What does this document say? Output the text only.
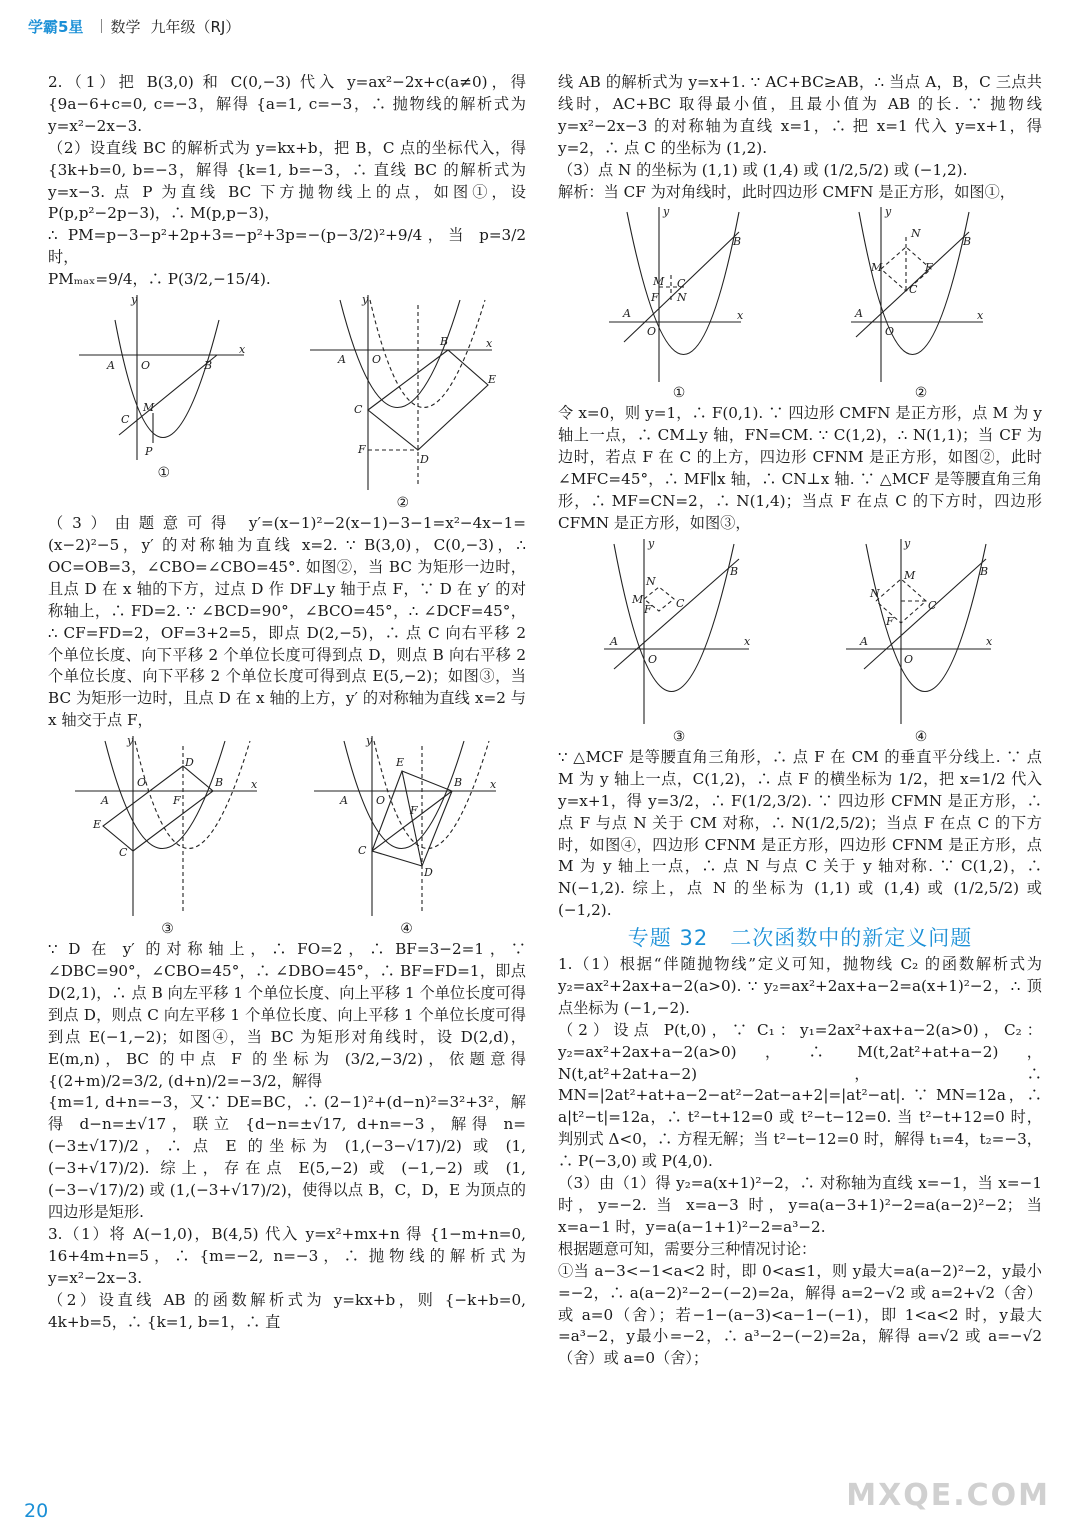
学霸5星 数学 九年级（RJ）

2.（1）把 B(3,0) 和 C(0,−3) 代入 y=ax²−2x+c(a≠0)，得 {9a−6+c=0, c=−3，解得 {a=1, c=−3，∴ 抛物线的解析式为 y=x²−2x−3.

（2）设直线 BC 的解析式为 y=kx+b，把 B，C 点的坐标代入，得 {3k+b=0, b=−3，解得 {k=1, b=−3，∴ 直线 BC 的解析式为 y=x−3. 点 P 为直线 BC 下方抛物线上的点，如图①，设 P(p,p²−2p−3)，∴ M(p,p−3)，

∴ PM=p−3−p²+2p+3=−p²+3p=−(p−3/2)²+9/4，当 p=3/2 时，

PMₘₐₓ=9/4，∴ P(3/2,−15/4).

A O	B
C
M
P
x
y
①
A O
B
C
F
D
E
x
y
②

（3）由题意可得 y′=(x−1)²−2(x−1)−3−1=x²−4x−1=(x−2)²−5，y′ 的对称轴为直线 x=2. ∵ B(3,0)，C(0,−3)，∴ OC=OB=3，∠CBO=∠CBO=45°. 如图②，当 BC 为矩形一边时，且点 D 在 x 轴的下方，过点 D 作 DF⊥y 轴于点 F，∵ D 在 y′ 的对称轴上，∴ FD=2. ∵ ∠BCD=90°，∠BCO=45°，∴ ∠DCF=45°，∴ CF=FD=2，OF=3+2=5，即点 D(2,−5)，∴ 点 C 向右平移 2 个单位长度、向下平移 2 个单位长度可得到点 D，则点 B 向右平移 2 个单位长度、向下平移 2 个单位长度可得到点 E(5,−2)；如图③，当 BC 为矩形一边时，且点 D 在 x 轴的上方，y′ 的对称轴为直线 x=2 与 x 轴交于点 F，

A
O	B
D
F
C
E
x
y
③
A	O
B
E
F
C
D
x
y
④

∵ D 在 y′ 的对称轴上，∴ FO=2，∴ BF=3−2=1，∵ ∠DBC=90°，∠CBO=45°，∴ ∠DBO=45°，∴ BF=FD=1，即点 D(2,1)，∴ 点 B 向左平移 1 个单位长度、向上平移 1 个单位长度可得到点 D，则点 C 向左平移 1 个单位长度、向上平移 1 个单位长度可得到点 E(−1,−2)；如图④，当 BC 为矩形对角线时，设 D(2,d)，E(m,n)，BC 的中点 F 的坐标为 (3/2,−3/2)，依题意得 {(2+m)/2=3/2, (d+n)/2=−3/2，解得

{m=1, d+n=−3，又∵ DE=BC，∴ (2−1)²+(d−n)²=3²+3²，解得 d−n=±√17，联立 {d−n=±√17, d+n=−3，解得 n=(−3±√17)/2，∴ 点 E 的坐标为 (1,(−3−√17)/2) 或 (1,(−3+√17)/2). 综上，存在点 E(5,−2) 或 (−1,−2) 或 (1,(−3−√17)/2) 或 (1,(−3+√17)/2)，使得以点 B，C，D，E 为顶点的四边形是矩形.

3.（1）将 A(−1,0)，B(4,5) 代入 y=x²+mx+n 得 {1−m+n=0, 16+4m+n=5，∴ {m=−2, n=−3，∴ 抛物线的解析式为 y=x²−2x−3.

（2）设直线 AB 的函数解析式为 y=kx+b，则 {−k+b=0, 4k+b=5，∴ {k=1, b=1，∴ 直

线 AB 的解析式为 y=x+1. ∵ AC+BC≥AB，∴ 当点 A，B，C 三点共线时，AC+BC 取得最小值，且最小值为 AB 的长. ∵ 抛物线 y=x²−2x−3 的对称轴为直线 x=1，∴ 把 x=1 代入 y=x+1，得 y=2，∴ 点 C 的坐标为 (1,2).

（3）点 N 的坐标为 (1,1) 或 (1,4) 或 (1/2,5/2) 或 (−1,2).

解析：当 CF 为对角线时，此时四边形 CMFN 是正方形，如图①，

A
O
B
M C
F N
x
y
①
A
O
B
M
N
F
C
x
y
②

令 x=0，则 y=1，∴ F(0,1). ∵ 四边形 CMFN 是正方形，点 M 为 y 轴上一点，∴ CM⊥y 轴，FN=CM. ∵ C(1,2)，∴ N(1,1)；当 CF 为边时，若点 F 在 C 的上方，四边形 CFNM 是正方形，如图②，此时 ∠MFC=45°，∴ MF∥x 轴，∴ CN⊥x 轴. ∵ △MCF 是等腰直角三角形，∴ MF=CN=2，∴ N(1,4)；当点 F 在点 C 的下方时，四边形 CFMN 是正方形，如图③，

A
O
B
N
F C
M
x
y
③
A
O
B
M
N
F
C
x
y
④

∵ △MCF 是等腰直角三角形，∴ 点 F 在 CM 的垂直平分线上. ∵ 点 M 为 y 轴上一点，C(1,2)，∴ 点 F 的横坐标为 1/2，把 x=1/2 代入 y=x+1，得 y=3/2，∴ F(1/2,3/2). ∵ 四边形 CFMN 是正方形，∴ 点 F 与点 N 关于 CM 对称，∴ N(1/2,5/2)；当点 F 在点 C 的下方时，如图④，四边形 CFNM 是正方形，四边形 CFNM 是正方形，点 M 为 y 轴上一点，∴ 点 N 与点 C 关于 y 轴对称. ∵ C(1,2)，∴ N(−1,2). 综上，点 N 的坐标为 (1,1) 或 (1,4) 或 (1/2,5/2) 或 (−1,2).

专题 32　二次函数中的新定义问题

1.（1）根据“伴随抛物线”定义可知，抛物线 C₂ 的函数解析式为 y₂=ax²+2ax+a−2(a>0). ∵ y₂=ax²+2ax+a−2=a(x+1)²−2，∴ 顶点坐标为 (−1,−2).

（2）设点 P(t,0)，∵ C₁：y₁=2ax²+ax+a−2(a>0)，C₂：y₂=ax²+2ax+a−2(a>0)，∴ M(t,2at²+at+a−2)，N(t,at²+2at+a−2)，∴ MN=|2at²+at+a−2−at²−2at−a+2|=|at²−at|. ∵ MN=12a，∴ a|t²−t|=12a，∴ t²−t+12=0 或 t²−t−12=0. 当 t²−t+12=0 时，判别式 Δ<0，∴ 方程无解；当 t²−t−12=0 时，解得 t₁=4，t₂=−3，∴ P(−3,0) 或 P(4,0).

（3）由（1）得 y₂=a(x+1)²−2，∴ 对称轴为直线 x=−1，当 x=−1 时，y=−2. 当 x=a−3 时，y=a(a−3+1)²−2=a(a−2)²−2；当 x=a−1 时，y=a(a−1+1)²−2=a³−2.

根据题意可知，需要分三种情况讨论：

①当 a−3<−1<a<2 时，即 0<a≤1，则 y最大=a(a−2)²−2，y最小=−2，∴ a(a−2)²−2−(−2)=2a，解得 a=2−√2 或 a=2+√2（舍）或 a=0（舍）；若−1−(a−3)<a−1−(−1)，即 1<a<2 时，y最大=a³−2，y最小=−2，∴ a³−2−(−2)=2a，解得 a=√2 或 a=−√2（舍）或 a=0（舍）；

20	MXQE.COM
